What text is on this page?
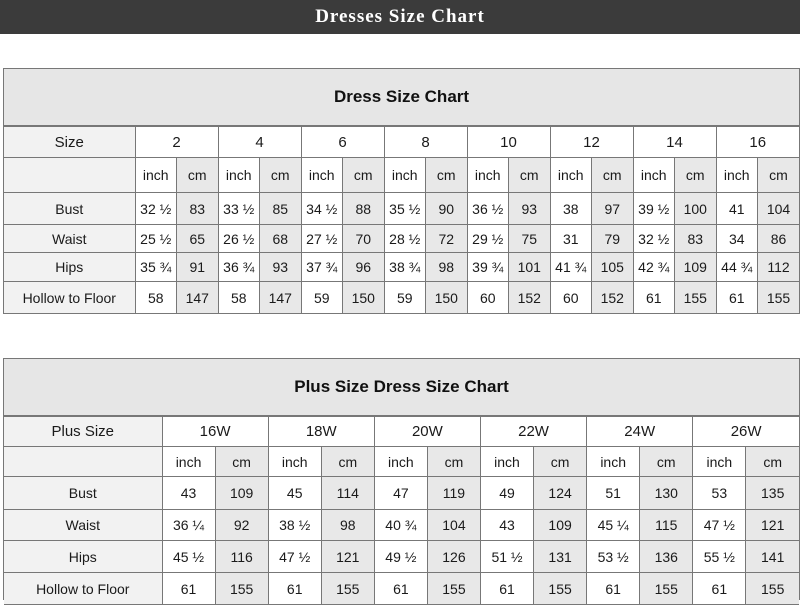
Dresses Size Chart
Dress Size Chart
Size	2		4		6		8		10		12		14		16	
	inch	cm	inch	cm	inch	cm	inch	cm	inch	cm	inch	cm	inch	cm	inch	cm
Bust	32 ½	83	33 ½	85	34 ½	88	35 ½	90	36 ½	93	38	97	39 ½	100	41	104
Waist	25 ½	65	26 ½	68	27 ½	70	28 ½	72	29 ½	75	31	79	32 ½	83	34	86
Hips	35 ¾	91	36 ¾	93	37 ¾	96	38 ¾	98	39 ¾	101	41 ¾	105	42 ¾	109	44 ¾	112
Hollow to Floor	58	147	58	147	59	150	59	150	60	152	60	152	61	155	61	155
Plus Size Dress Size Chart
Plus Size	16W		18W		20W		22W		24W		26W	
	inch	cm	inch	cm	inch	cm	inch	cm	inch	cm	inch	cm
Bust	43	109	45	114	47	119	49	124	51	130	53	135
Waist	36 ¼	92	38 ½	98	40 ¾	104	43	109	45 ¼	115	47 ½	121
Hips	45 ½	116	47 ½	121	49 ½	126	51 ½	131	53 ½	136	55 ½	141
Hollow to Floor	61	155	61	155	61	155	61	155	61	155	61	155
